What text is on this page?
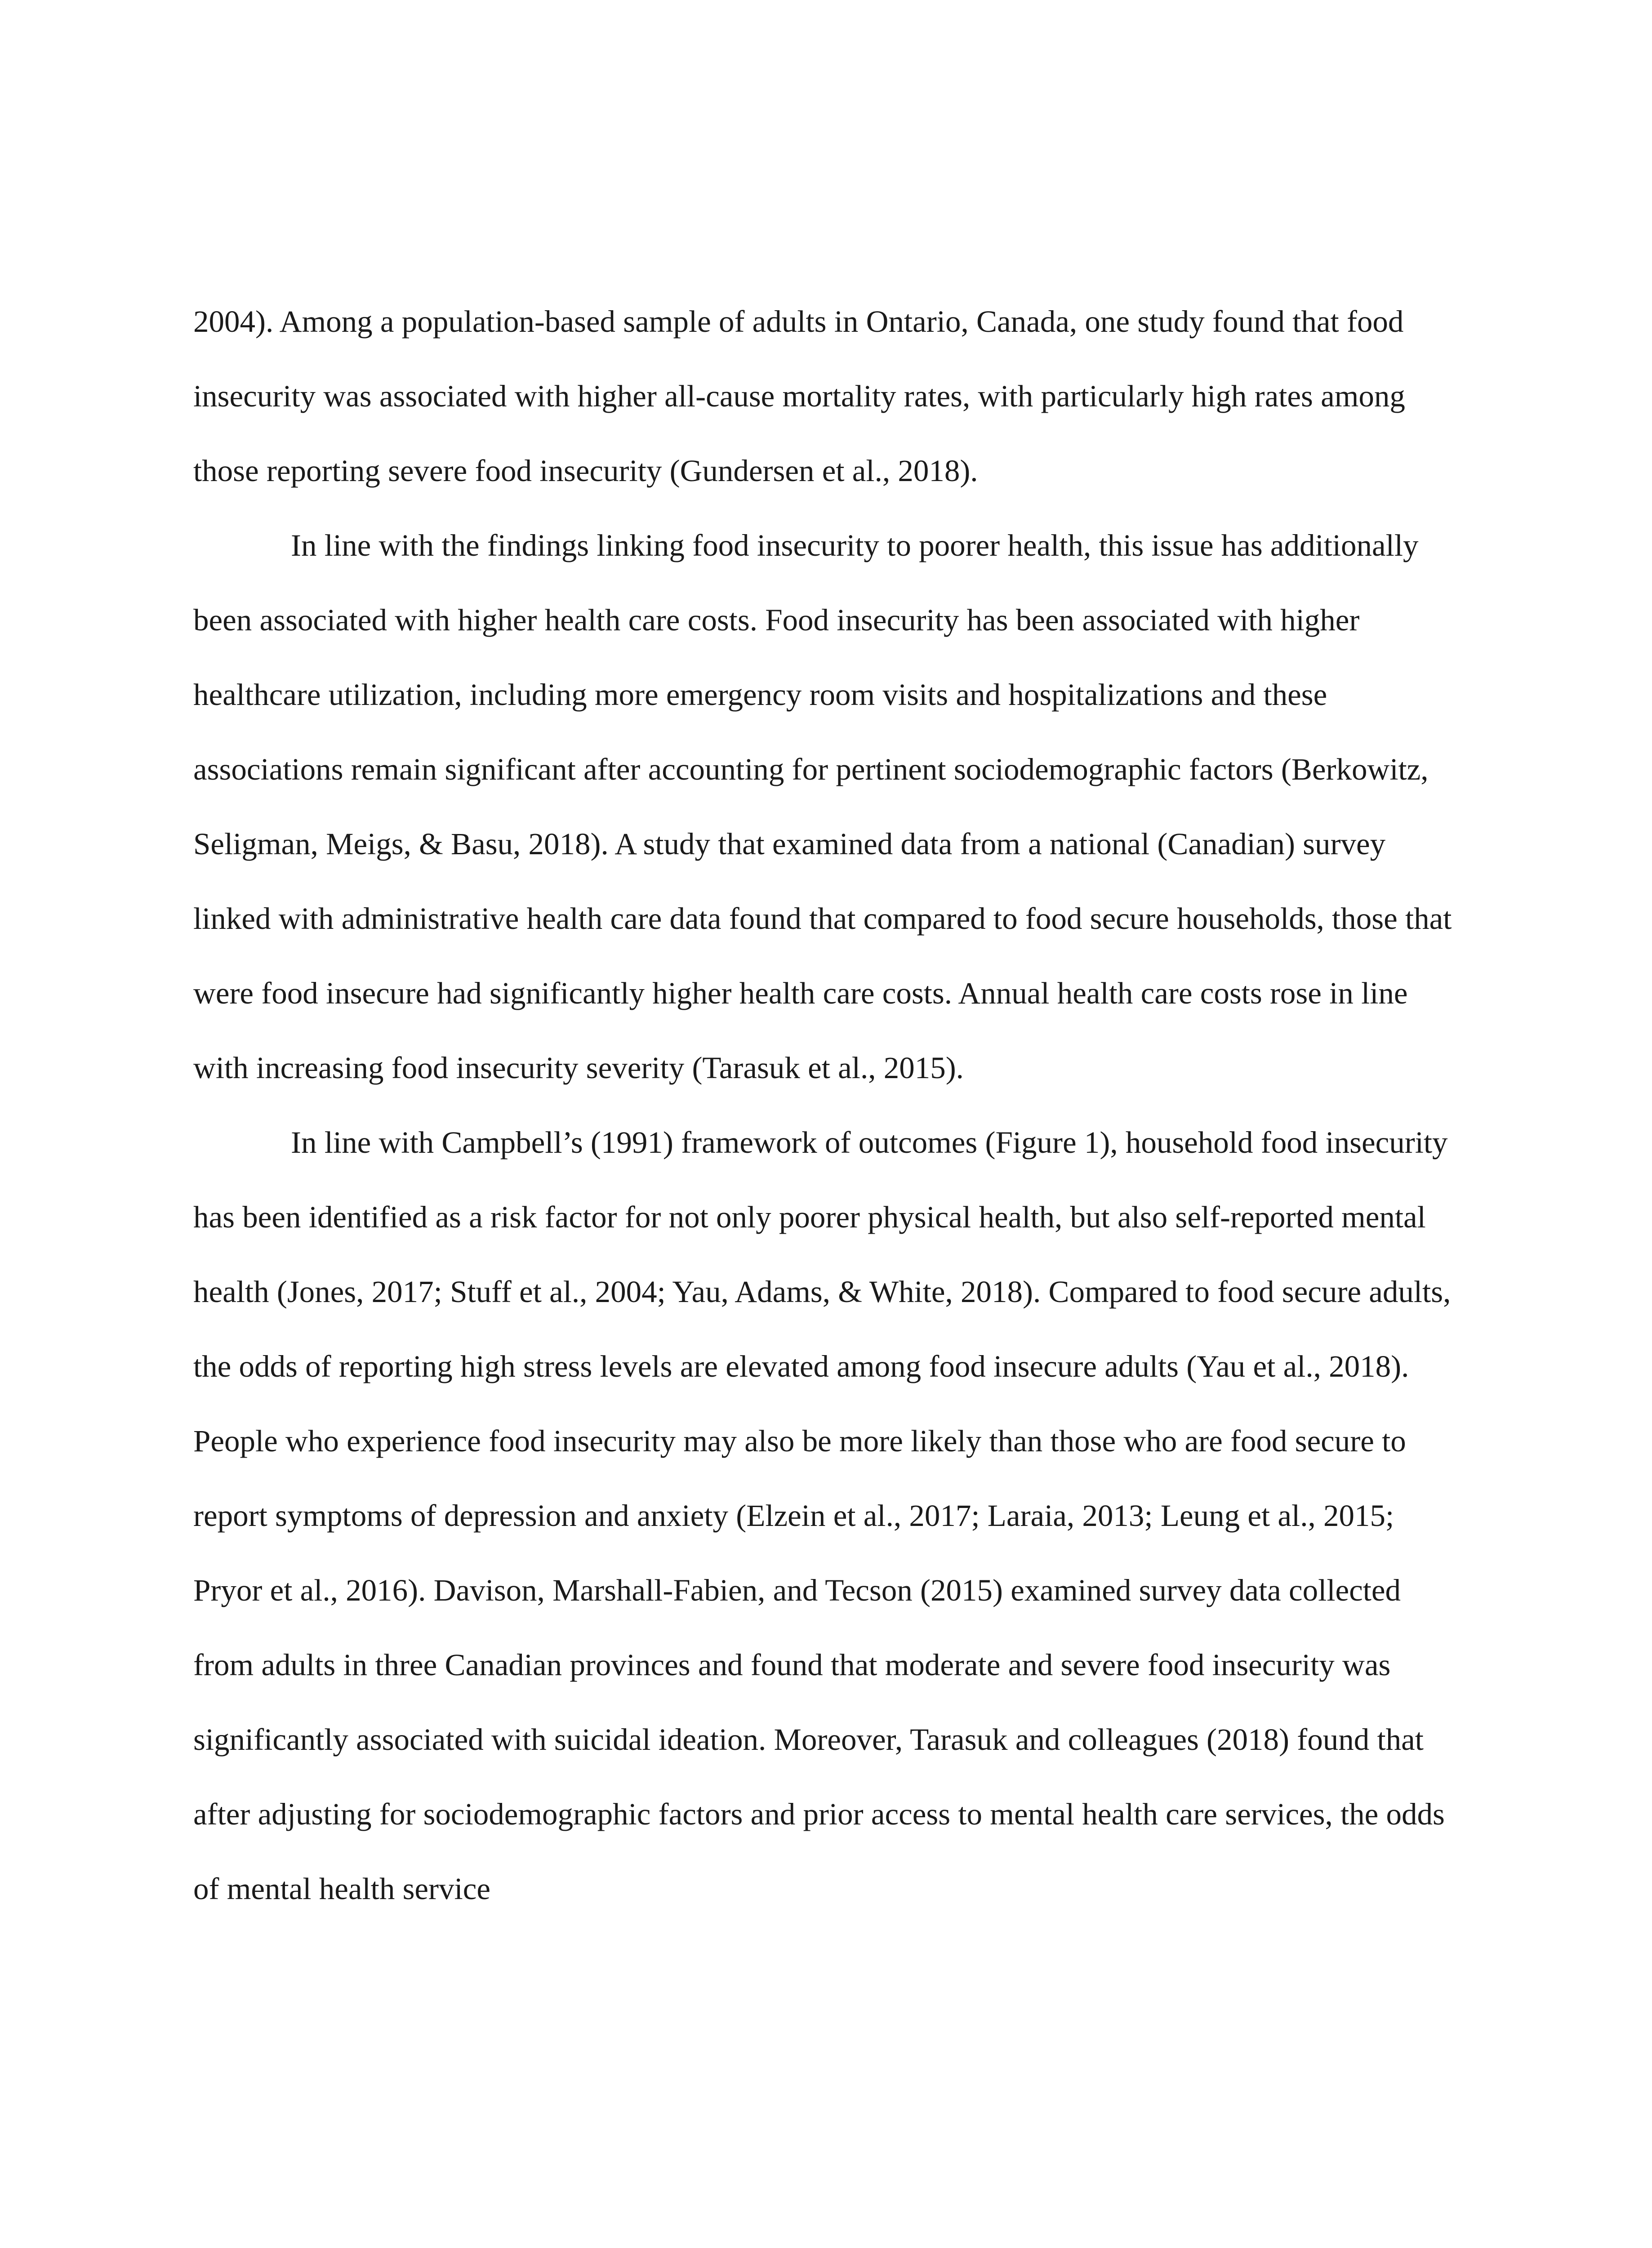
2004). Among a population-based sample of adults in Ontario, Canada, one study found that food insecurity was associated with higher all-cause mortality rates, with particularly high rates among those reporting severe food insecurity (Gundersen et al., 2018).

In line with the findings linking food insecurity to poorer health, this issue has additionally been associated with higher health care costs. Food insecurity has been associated with higher healthcare utilization, including more emergency room visits and hospitalizations and these associations remain significant after accounting for pertinent sociodemographic factors (Berkowitz, Seligman, Meigs, & Basu, 2018). A study that examined data from a national (Canadian) survey linked with administrative health care data found that compared to food secure households, those that were food insecure had significantly higher health care costs. Annual health care costs rose in line with increasing food insecurity severity (Tarasuk et al., 2015).

In line with Campbell’s (1991) framework of outcomes (Figure 1), household food insecurity has been identified as a risk factor for not only poorer physical health, but also self-reported mental health (Jones, 2017; Stuff et al., 2004; Yau, Adams, & White, 2018). Compared to food secure adults, the odds of reporting high stress levels are elevated among food insecure adults (Yau et al., 2018). People who experience food insecurity may also be more likely than those who are food secure to report symptoms of depression and anxiety (Elzein et al., 2017; Laraia, 2013; Leung et al., 2015; Pryor et al., 2016). Davison, Marshall-Fabien, and Tecson (2015) examined survey data collected from adults in three Canadian provinces and found that moderate and severe food insecurity was significantly associated with suicidal ideation. Moreover, Tarasuk and colleagues (2018) found that after adjusting for sociodemographic factors and prior access to mental health care services, the odds of mental health service
